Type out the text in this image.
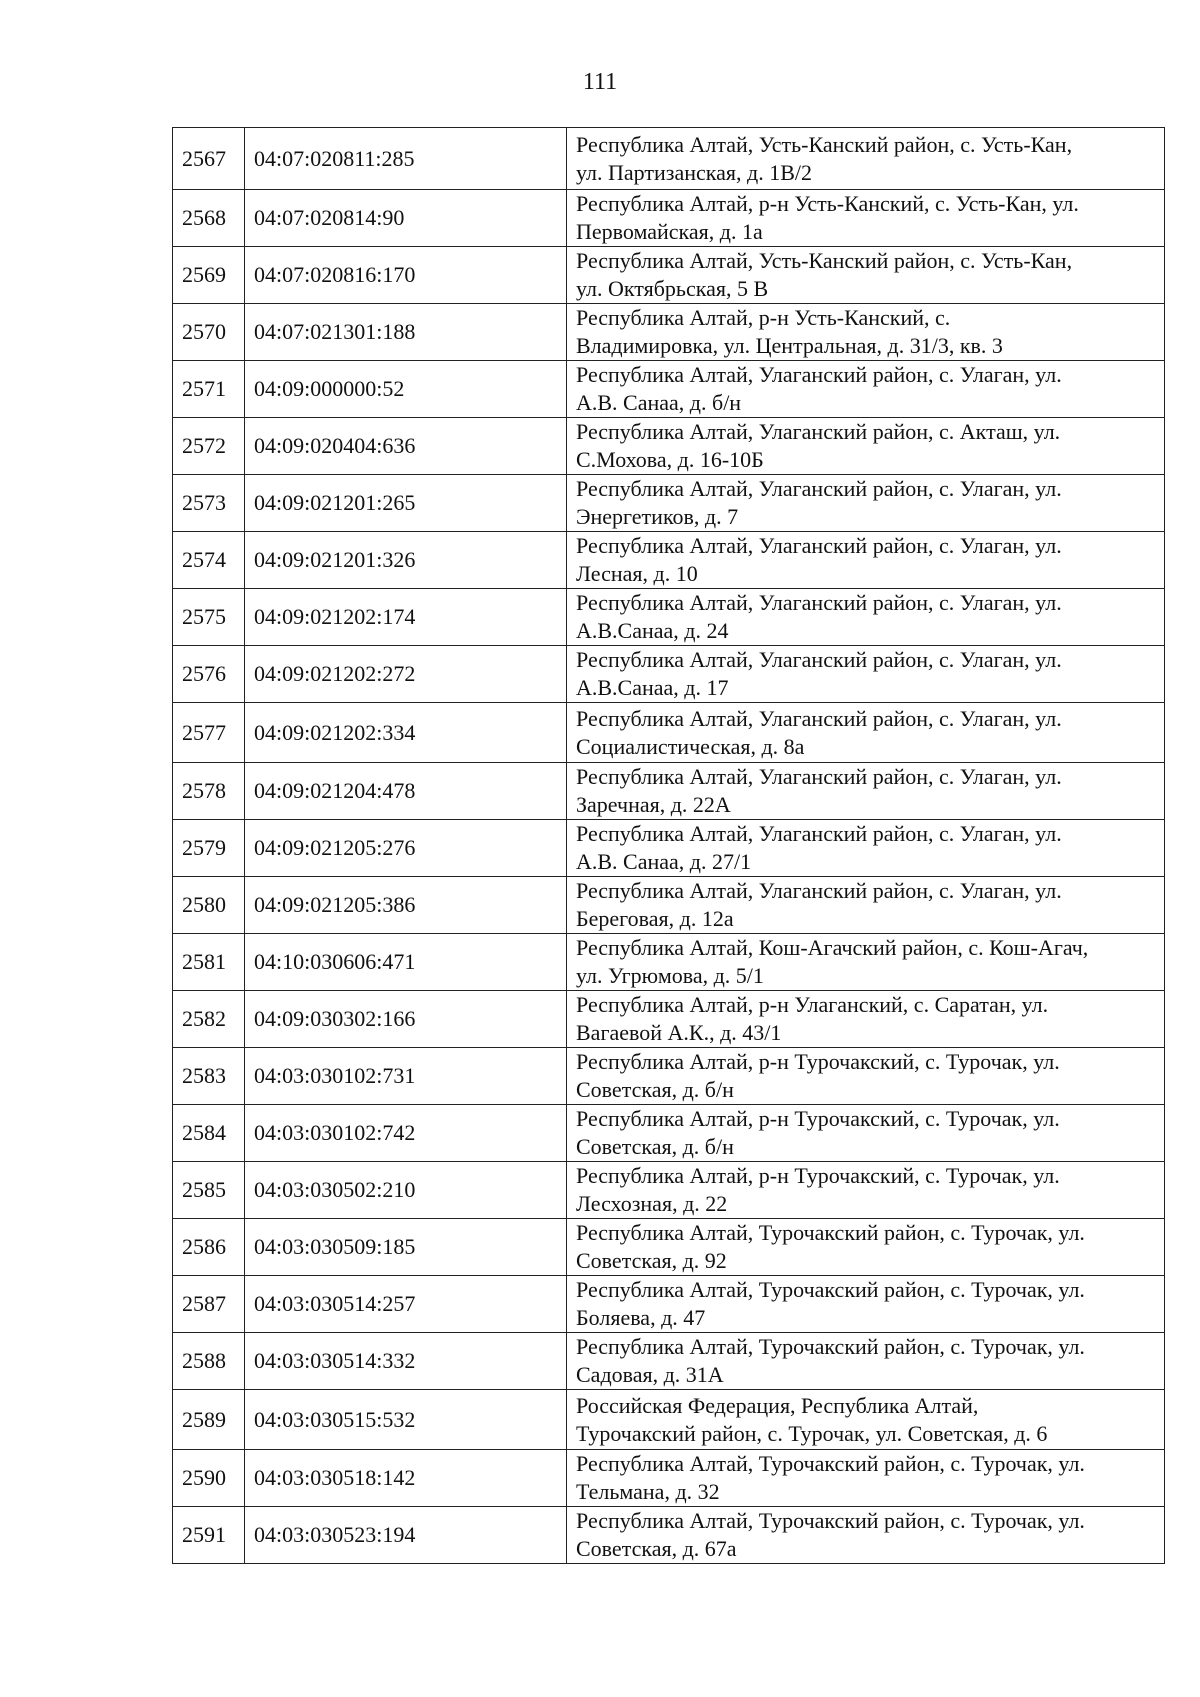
111
2567	04:07:020811:285	Республика Алтай, Усть-Канский район, с. Усть-Кан,
ул. Партизанская, д. 1В/2

2568	04:07:020814:90	Республика Алтай, р-н Усть-Канский, с. Усть-Кан, ул.
Первомайская, д. 1а

2569	04:07:020816:170	Республика Алтай, Усть-Канский район, с. Усть-Кан,
ул. Октябрьская, 5 В

2570	04:07:021301:188	Республика Алтай, р-н Усть-Канский, с.
Владимировка, ул. Центральная, д. 31/3, кв. 3

2571	04:09:000000:52	Республика Алтай, Улаганский район, с. Улаган, ул.
А.В. Санаа, д. б/н

2572	04:09:020404:636	Республика Алтай, Улаганский район, с. Акташ, ул.
С.Мохова, д. 16-10Б

2573	04:09:021201:265	Республика Алтай, Улаганский район, с. Улаган, ул.
Энергетиков, д. 7

2574	04:09:021201:326	Республика Алтай, Улаганский район, с. Улаган, ул.
Лесная, д. 10

2575	04:09:021202:174	Республика Алтай, Улаганский район, с. Улаган, ул.
А.В.Санаа, д. 24

2576	04:09:021202:272	Республика Алтай, Улаганский район, с. Улаган, ул.
А.В.Санаа, д. 17

2577	04:09:021202:334	Республика Алтай, Улаганский район, с. Улаган, ул.
Социалистическая, д. 8а

2578	04:09:021204:478	Республика Алтай, Улаганский район, с. Улаган, ул.
Заречная, д. 22А

2579	04:09:021205:276	Республика Алтай, Улаганский район, с. Улаган, ул.
А.В. Санаа, д. 27/1

2580	04:09:021205:386	Республика Алтай, Улаганский район, с. Улаган, ул.
Береговая, д. 12а

2581	04:10:030606:471	Республика Алтай, Кош-Агачский район, с. Кош-Агач,
ул. Угрюмова, д. 5/1

2582	04:09:030302:166	Республика Алтай, р-н Улаганский, с. Саратан, ул.
Вагаевой А.К., д. 43/1

2583	04:03:030102:731	Республика Алтай, р-н Турочакский, с. Турочак, ул.
Советская, д. б/н

2584	04:03:030102:742	Республика Алтай, р-н Турочакский, с. Турочак, ул.
Советская, д. б/н

2585	04:03:030502:210	Республика Алтай, р-н Турочакский, с. Турочак, ул.
Лесхозная, д. 22

2586	04:03:030509:185	Республика Алтай, Турочакский район, с. Турочак, ул.
Советская, д. 92

2587	04:03:030514:257	Республика Алтай, Турочакский район, с. Турочак, ул.
Боляева, д. 47

2588	04:03:030514:332	Республика Алтай, Турочакский район, с. Турочак, ул.
Садовая, д. 31А

2589	04:03:030515:532	Российская Федерация, Республика Алтай,
Турочакский район, с. Турочак, ул. Советская, д. 6

2590	04:03:030518:142	Республика Алтай, Турочакский район, с. Турочак, ул.
Тельмана, д. 32

2591	04:03:030523:194	Республика Алтай, Турочакский район, с. Турочак, ул.
Советская, д. 67а
